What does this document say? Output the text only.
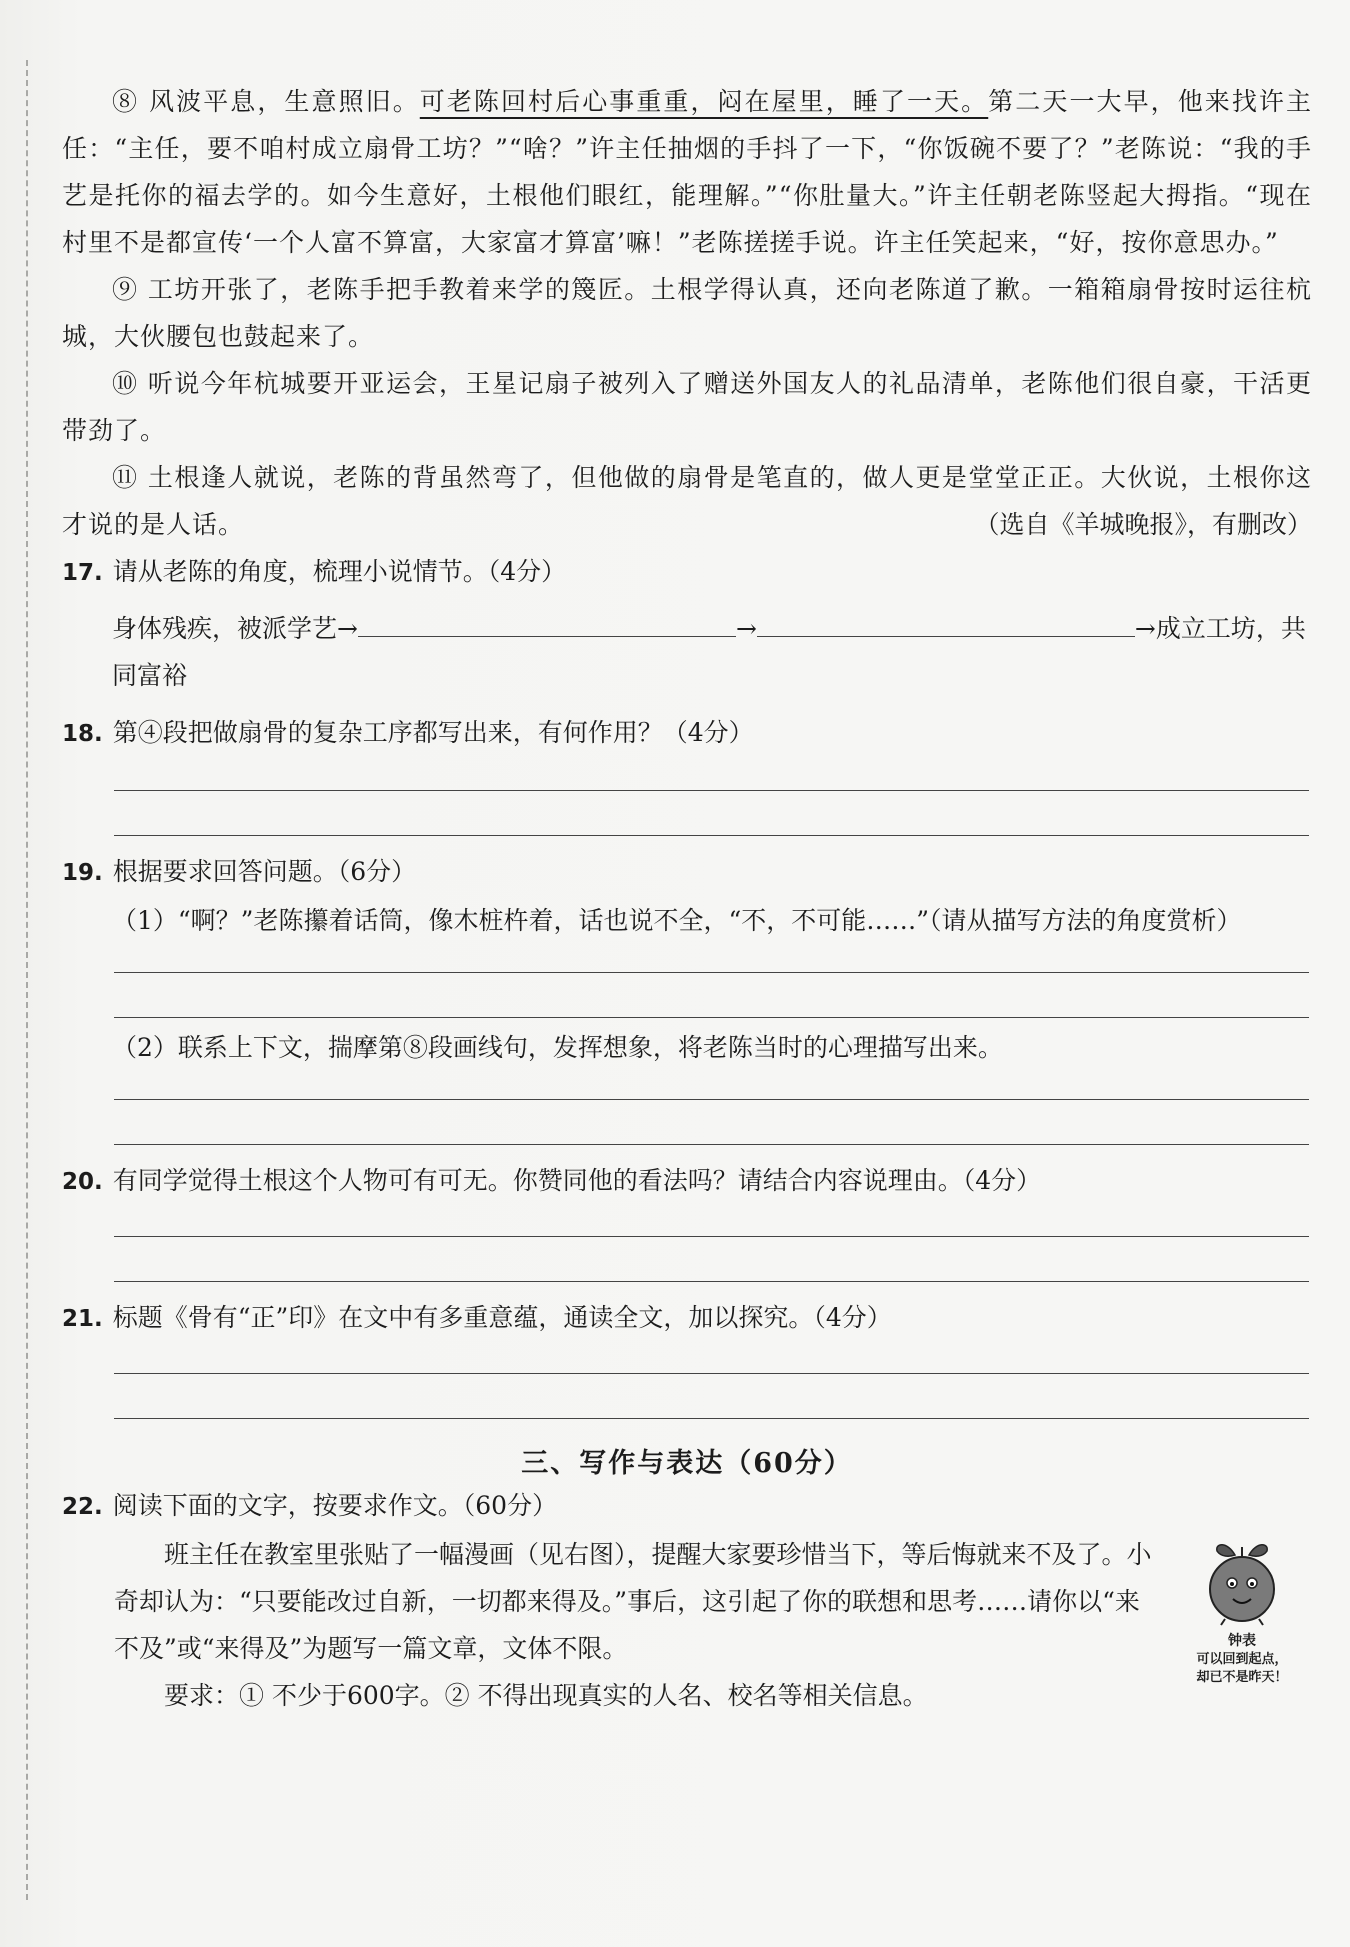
⑧ 风波平息，生意照旧。可老陈回村后心事重重，闷在屋里，睡了一天。第二天一大早，他来找许主任：“主任，要不咱村成立扇骨工坊？”“啥？”许主任抽烟的手抖了一下，“你饭碗不要了？”老陈说：“我的手艺是托你的福去学的。如今生意好，土根他们眼红，能理解。”“你肚量大。”许主任朝老陈竖起大拇指。“现在村里不是都宣传‘一个人富不算富，大家富才算富’嘛！”老陈搓搓手说。许主任笑起来，“好，按你意思办。”

⑨ 工坊开张了，老陈手把手教着来学的篾匠。土根学得认真，还向老陈道了歉。一箱箱扇骨按时运往杭城，大伙腰包也鼓起来了。

⑩ 听说今年杭城要开亚运会，王星记扇子被列入了赠送外国友人的礼品清单，老陈他们很自豪，干活更带劲了。

⑪ 土根逢人就说，老陈的背虽然弯了，但他做的扇骨是笔直的，做人更是堂堂正正。大伙说，土根你这才说的是人话。	（选自《羊城晚报》，有删改）

17. 请从老陈的角度，梳理小说情节。（4分）

身体残疾，被派学艺→	→	→成立工坊，共同富裕

18. 第④段把做扇骨的复杂工序都写出来，有何作用？（4分）

19. 根据要求回答问题。（6分）

（1）“啊？”老陈攥着话筒，像木桩杵着，话也说不全，“不，不可能……”（请从描写方法的角度赏析）

（2）联系上下文，揣摩第⑧段画线句，发挥想象，将老陈当时的心理描写出来。

20. 有同学觉得土根这个人物可有可无。你赞同他的看法吗？请结合内容说理由。（4分）

21. 标题《骨有“正”印》在文中有多重意蕴，通读全文，加以探究。（4分）

三、写作与表达（60分）

22. 阅读下面的文字，按要求作文。（60分）

班主任在教室里张贴了一幅漫画（见右图），提醒大家要珍惜当下，等后悔就来不及了。小奇却认为：“只要能改过自新，一切都来得及。”事后，这引起了你的联想和思考……请你以“来不及”或“来得及”为题写一篇文章，文体不限。

要求：① 不少于600字。② 不得出现真实的人名、校名等相关信息。

钟表
可以回到起点，
却已不是昨天！
